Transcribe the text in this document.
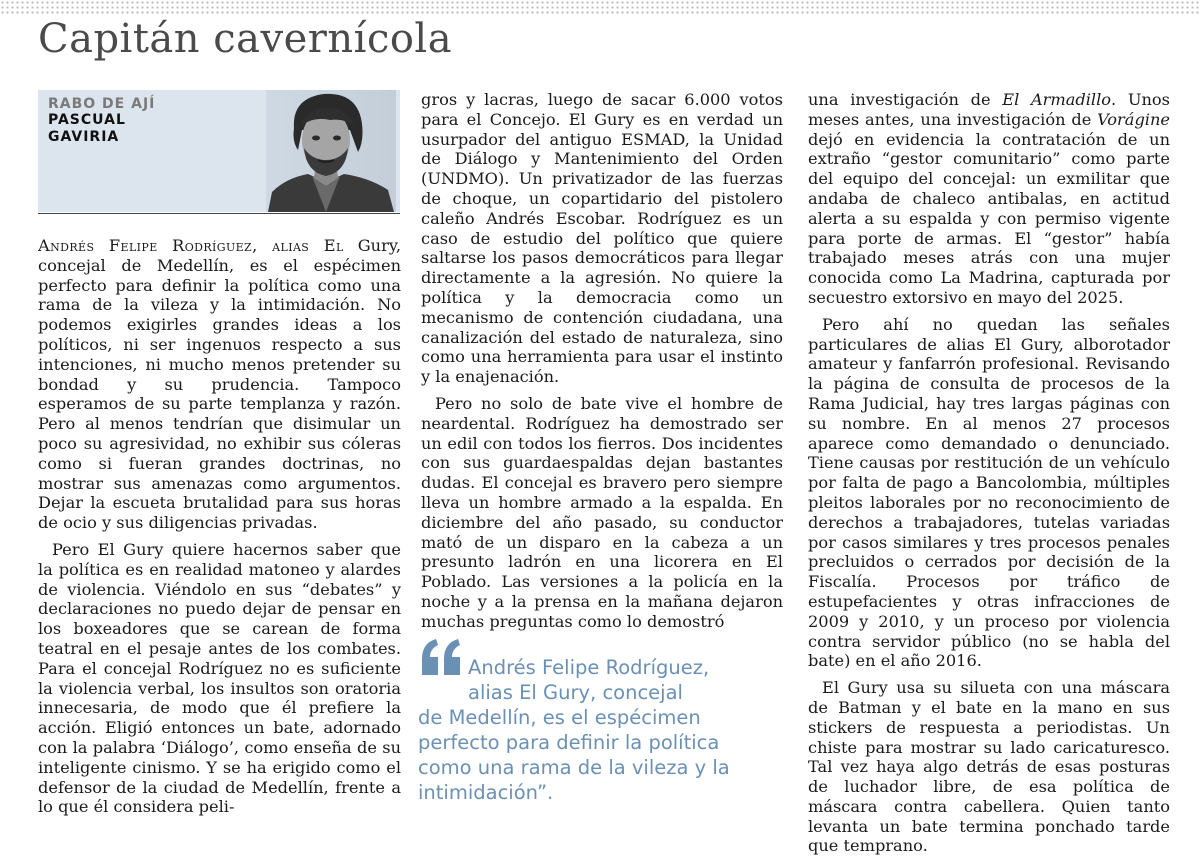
Capitán cavernícola
RABO DE AJÍ
PASCUAL
GAVIRIA

Andrés Felipe Rodríguez, alias El Gury, concejal de Medellín, es el espécimen perfecto para definir la política como una rama de la vileza y la intimidación. No podemos exigirles grandes ideas a los políticos, ni ser ingenuos respecto a sus intenciones, ni mucho menos pretender su bondad y su prudencia. Tampoco esperamos de su parte templanza y razón. Pero al menos tendrían que disimular un poco su agresividad, no exhibir sus cóleras como si fueran grandes doctrinas, no mostrar sus amenazas como argumentos. Dejar la escueta brutalidad para sus horas de ocio y sus diligencias privadas.

Pero El Gury quiere hacernos saber que la política es en realidad matoneo y alardes de violencia. Viéndolo en sus “debates” y declaraciones no puedo dejar de pensar en los boxeadores que se carean de forma teatral en el pesaje antes de los combates. Para el concejal Rodríguez no es suficiente la violencia verbal, los insultos son oratoria innecesaria, de modo que él prefiere la acción. Eligió entonces un bate, adornado con la palabra ‘Diálogo’, como enseña de su inteligente cinismo. Y se ha erigido como el defensor de la ciudad de Medellín, frente a lo que él considera peli-

gros y lacras, luego de sacar 6.000 votos para el Concejo. El Gury es en verdad un usurpador del antiguo ESMAD, la Unidad de Diálogo y Mantenimiento del Orden (UNDMO). Un privatizador de las fuerzas de choque, un copartidario del pistolero caleño Andrés Escobar. Rodríguez es un caso de estudio del político que quiere saltarse los pasos democráticos para llegar directamente a la agresión. No quiere la política y la democracia como un mecanismo de contención ciudadana, una canalización del estado de naturaleza, sino como una herramienta para usar el instinto y la enajenación.

Pero no solo de bate vive el hombre de neardental. Rodríguez ha demostrado ser un edil con todos los fierros. Dos incidentes con sus guardaespaldas dejan bastantes dudas. El concejal es bravero pero siempre lleva un hombre armado a la espalda. En diciembre del año pasado, su conductor mató de un disparo en la cabeza a un presunto ladrón en una licorera en El Poblado. Las versiones a la policía en la noche y a la prensa en la mañana dejaron muchas preguntas como lo demostró

Andrés Felipe Rodríguez,
alias El Gury, concejal
de Medellín, es el espécimen
perfecto para definir la política
como una rama de la vileza y la
intimidación”.

una investigación de El Armadillo. Unos meses antes, una investigación de Vorágine dejó en evidencia la contratación de un extraño “gestor comunitario” como parte del equipo del concejal: un exmilitar que andaba de chaleco antibalas, en actitud alerta a su espalda y con permiso vigente para porte de armas. El “gestor” había trabajado meses atrás con una mujer conocida como La Madrina, capturada por secuestro extorsivo en mayo del 2025.

Pero ahí no quedan las señales particulares de alias El Gury, alborotador amateur y fanfarrón profesional. Revisando la página de consulta de procesos de la Rama Judicial, hay tres largas páginas con su nombre. En al menos 27 procesos aparece como demandado o denunciado. Tiene causas por restitución de un vehículo por falta de pago a Bancolombia, múltiples pleitos laborales por no reconocimiento de derechos a trabajadores, tutelas variadas por casos similares y tres procesos penales precluidos o cerrados por decisión de la Fiscalía. Procesos por tráfico de estupefacientes y otras infracciones de 2009 y 2010, y un proceso por violencia contra servidor público (no se habla del bate) en el año 2016.

El Gury usa su silueta con una máscara de Batman y el bate en la mano en sus stickers de respuesta a periodistas. Un chiste para mostrar su lado caricaturesco. Tal vez haya algo detrás de esas posturas de luchador libre, de esa política de máscara contra cabellera. Quien tanto levanta un bate termina ponchado tarde que temprano.
